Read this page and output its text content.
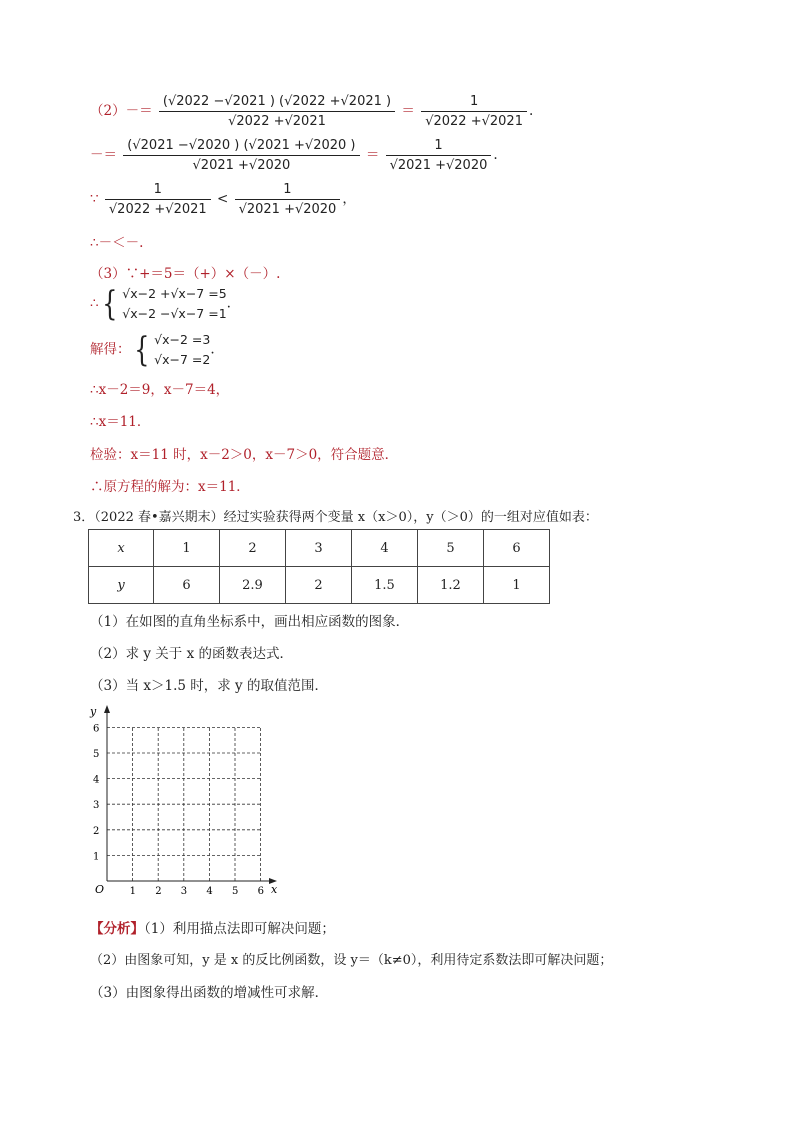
$(2)-= \frac{(√2022 -√2021 ) (√2022 +√2021 )}{√2022 +√2021} = \frac{1}{√2022 +√2021}$ .
－＝ $\frac{(√2021 -√2020 ) (√2021 +√2020 )}{√2021 +√2020} = \frac{1}{√2021 +√2020}$ .
∵ $\frac{1}{√2022 +√2021} < \frac{1}{√2021 +√2020}$ ，
∴－＜－.
（3）∵+＝5＝（+）×（－）.
∴{ √x−2 +√x−7 =5
√x−2 −√x−7 =1.
解得：{ √x−2 =3
√x−7 =2.
∴x－2＝9，x－7＝4，
∴x＝11．
检验：x＝11 时，x－2＞0，x－7＞0，符合题意．
∴原方程的解为：x＝11．
3．（2022 春•嘉兴期末）经过实验获得两个变量 x（x＞0），y（＞0）的一组对应值如表：
x	1	2	3	4	5	6
y	6	2.9	2	1.5	1.2	1
（1）在如图的直角坐标系中，画出相应函数的图象．
（2）求 y 关于 x 的函数表达式．
（3）当 x＞1.5 时，求 y 的取值范围．
y
x
O	1 2 3 4 5 6
1
2
3
4
5
6
【分析】（1）利用描点法即可解决问题；
（2）由图象可知，y 是 x 的反比例函数，设 y＝（k≠0），利用待定系数法即可解决问题；
（3）由图象得出函数的增减性可求解．
